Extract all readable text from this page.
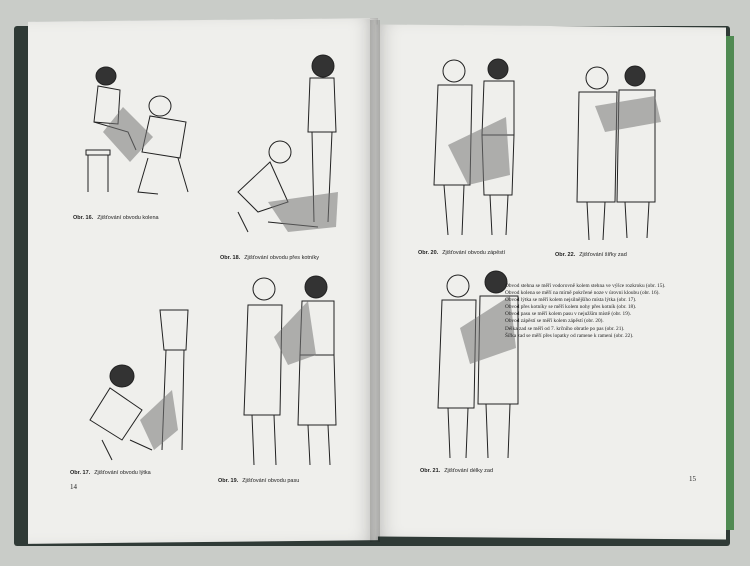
Obr. 16. Zjišťování obvodu kolena
Obr. 18. Zjišťování obvodu přes kotníky
Obr. 17. Zjišťování obvodu lýtka
Obr. 19. Zjišťování obvodu pasu
14
Obr. 20. Zjišťování obvodu zápěstí	Obr. 22. Zjišťování šířky zad
Obr. 21. Zjišťování délky zad

Obvod stehna se měří vodorovně kolem stehna ve výšce rozkroku (obr. 15).

Obvod kolena se měří na mírně pokrčené noze v úrovni kloubu (obr. 16).

Obvod lýtka se měří kolem nejsilnějšího místa lýtka (obr. 17).

Obvod přes kotníky se měří kolem nohy přes kotník (obr. 18).

Obvod pasu se měří kolem pasu v nejužším místě (obr. 19).

Obvod zápěstí se měří kolem zápěstí (obr. 20).

Délka zad se měří od 7. krčního obratle po pas (obr. 21).

Šířka zad se měří přes lopatky od ramene k rameni (obr. 22).

15
